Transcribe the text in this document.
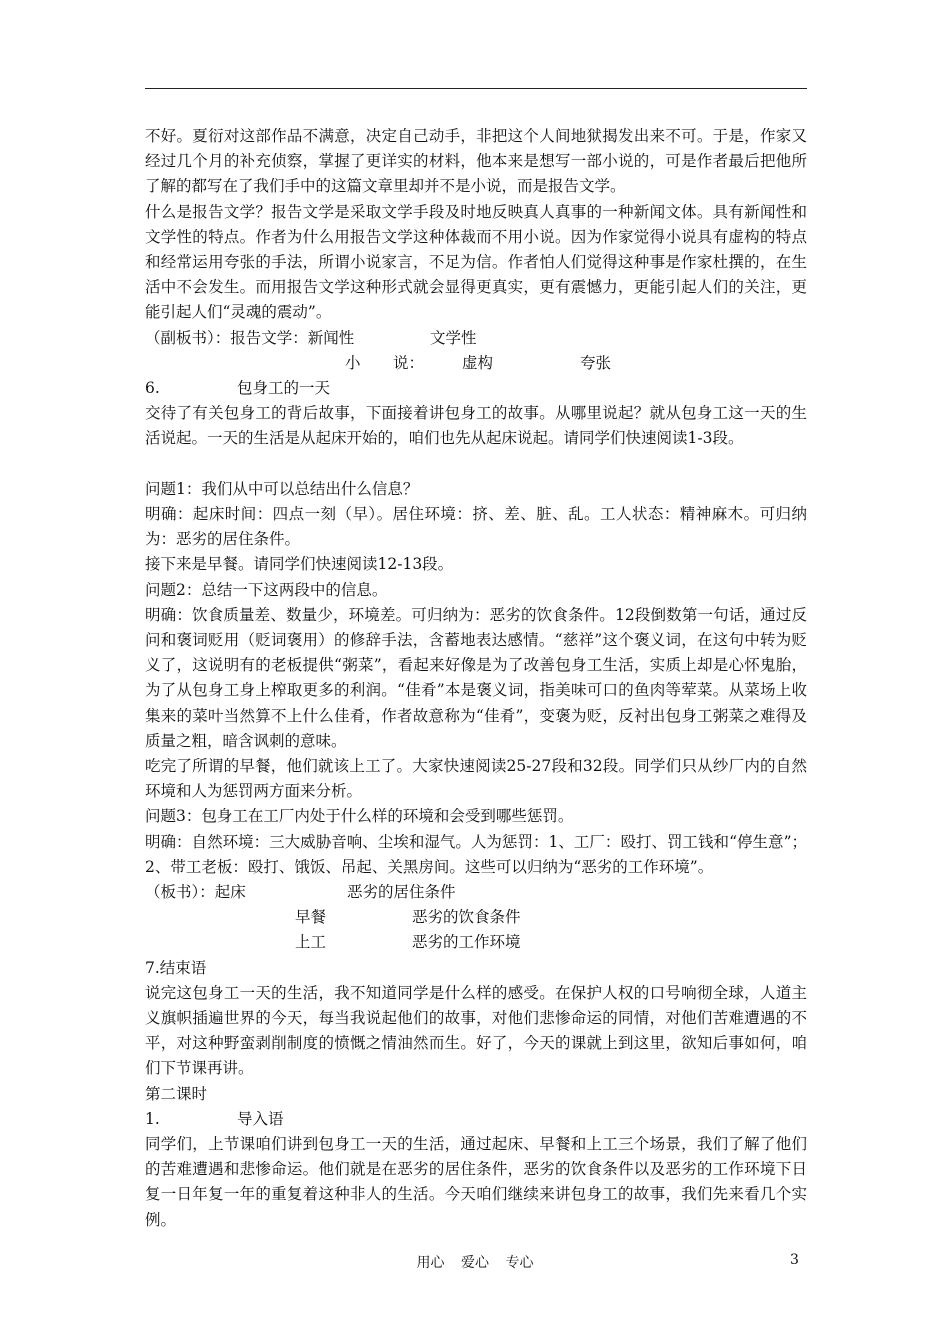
不好。夏衍对这部作品不满意，决定自己动手，非把这个人间地狱揭发出来不可。于是，作家又经过几个月的补充侦察，掌握了更详实的材料，他本来是想写一部小说的，可是作者最后把他所了解的都写在了我们手中的这篇文章里却并不是小说，而是报告文学。

什么是报告文学？报告文学是采取文学手段及时地反映真人真事的一种新闻文体。具有新闻性和文学性的特点。作者为什么用报告文学这种体裁而不用小说。因为作家觉得小说具有虚构的特点和经常运用夸张的手法，所谓小说家言，不足为信。作者怕人们觉得这种事是作家杜撰的，在生活中不会发生。而用报告文学这种形式就会显得更真实，更有震憾力，更能引起人们的关注，更能引起人们“灵魂的震动”。

（副板书）：报告文学：新闻性	文学性
小 说： 虚构	夸张
6.	包身工的一天

交待了有关包身工的背后故事，下面接着讲包身工的故事。从哪里说起？就从包身工这一天的生活说起。一天的生活是从起床开始的，咱们也先从起床说起。请同学们快速阅读1-3段。

问题1：我们从中可以总结出什么信息？

明确：起床时间：四点一刻（早）。居住环境：挤、差、脏、乱。工人状态：精神麻木。可归纳为：恶劣的居住条件。

接下来是早餐。请同学们快速阅读12-13段。

问题2：总结一下这两段中的信息。

明确：饮食质量差、数量少，环境差。可归纳为：恶劣的饮食条件。12段倒数第一句话，通过反问和褒词贬用（贬词褒用）的修辞手法，含蓄地表达感情。“慈祥”这个褒义词，在这句中转为贬义了，这说明有的老板提供“粥菜”，看起来好像是为了改善包身工生活，实质上却是心怀鬼胎，为了从包身工身上榨取更多的利润。“佳肴”本是褒义词，指美味可口的鱼肉等荤菜。从菜场上收集来的菜叶当然算不上什么佳肴，作者故意称为“佳肴”，变褒为贬，反衬出包身工粥菜之难得及质量之粗，暗含讽刺的意味。

吃完了所谓的早餐，他们就该上工了。大家快速阅读25-27段和32段。同学们只从纱厂内的自然环境和人为惩罚两方面来分析。

问题3：包身工在工厂内处于什么样的环境和会受到哪些惩罚。

明确：自然环境：三大威胁音响、尘埃和湿气。人为惩罚：1、工厂：殴打、罚工钱和“停生意”；2、带工老板：殴打、饿饭、吊起、关黑房间。这些可以归纳为“恶劣的工作环境”。

（板书）：起床	恶劣的居住条件
早餐	恶劣的饮食条件
上工	恶劣的工作环境

7.结束语

说完这包身工一天的生活，我不知道同学是什么样的感受。在保护人权的口号响彻全球，人道主义旗帜插遍世界的今天，每当我说起他们的故事，对他们悲惨命运的同情，对他们苦难遭遇的不平，对这种野蛮剥削制度的愤慨之情油然而生。好了，今天的课就上到这里，欲知后事如何，咱们下节课再讲。

第二课时

1.	导入语

同学们，上节课咱们讲到包身工一天的生活，通过起床、早餐和上工三个场景，我们了解了他们的苦难遭遇和悲惨命运。他们就是在恶劣的居住条件，恶劣的饮食条件以及恶劣的工作环境下日复一日年复一年的重复着这种非人的生活。今天咱们继续来讲包身工的故事，我们先来看几个实例。

用心 爱心 专心	3
